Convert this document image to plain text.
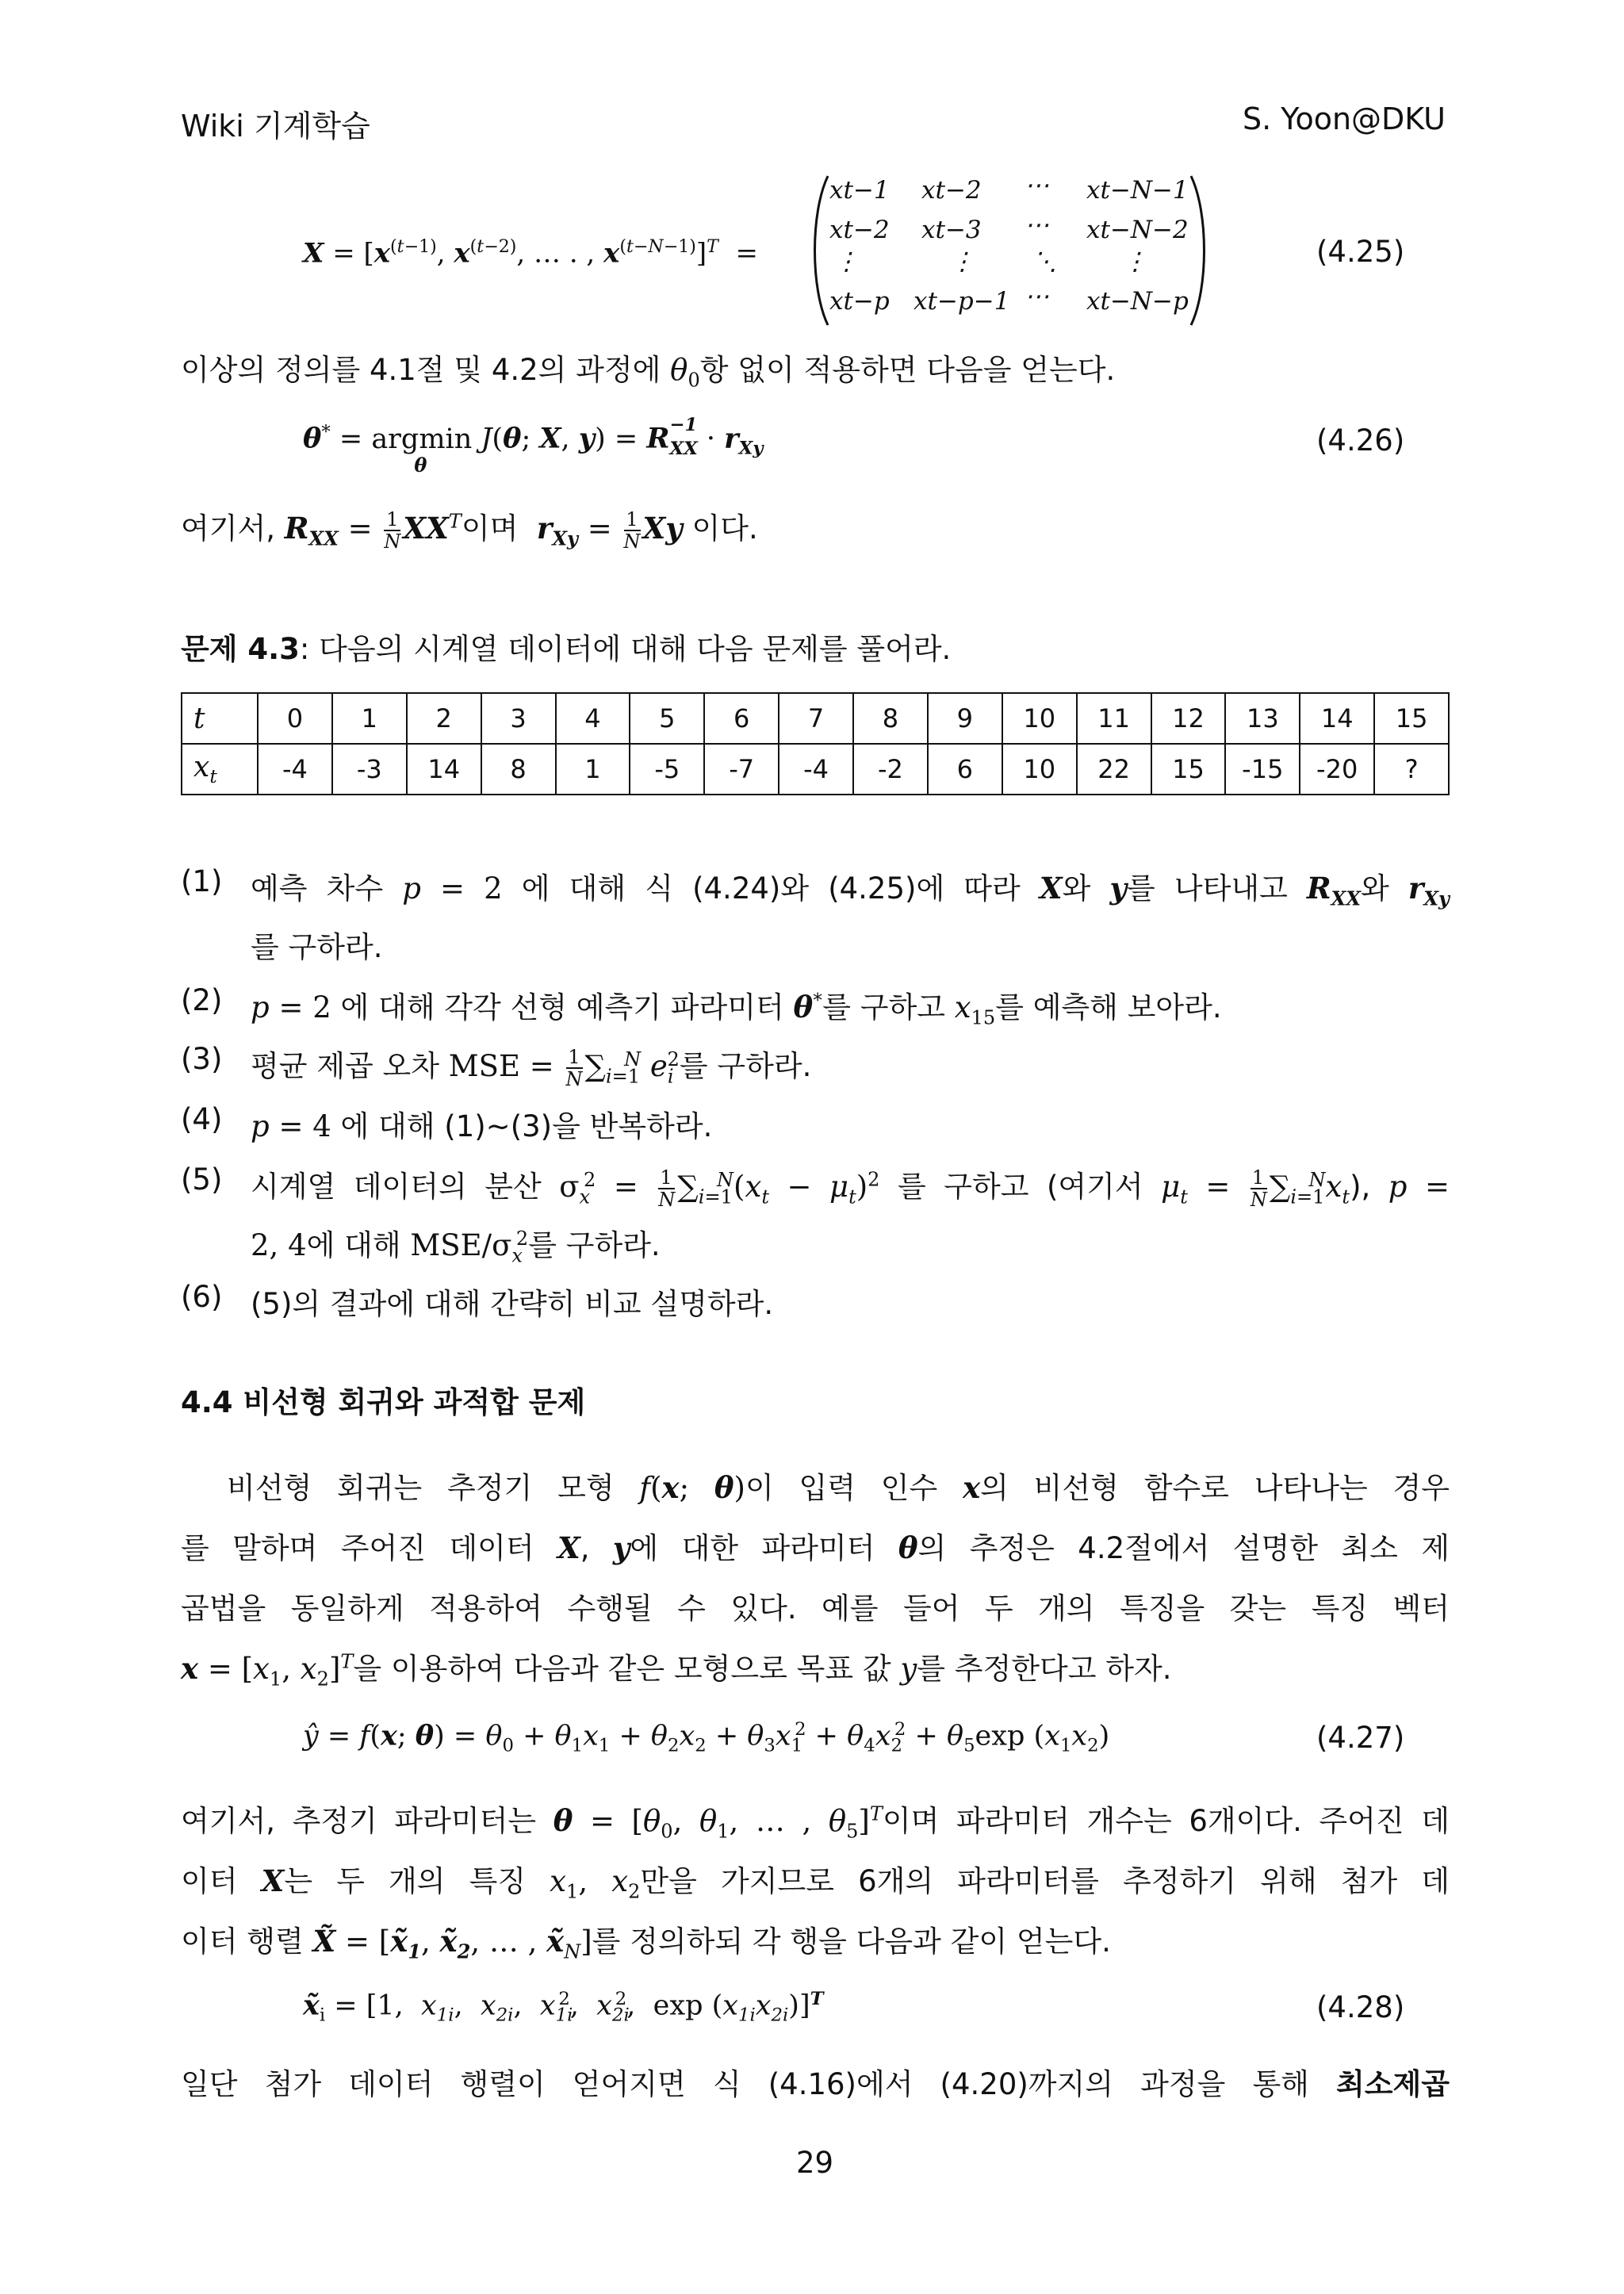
Wiki 기계학습	S. Yoon@DKU
$X = [x^{(t-1)}$, $x^{(t-2)}$, … . , $x^{(t-N-1)}]^T$  =
xt−1 xt−2 ⋯ xt−N−1
xt−2 xt−3 ⋯ xt−N−2
⋮	⋮ ⋱	⋮
xt−p xt−p−1 ⋯ xt−N−p
(4.25)
이상의 정의를 4.1절 및 4.2의 과정에 $\theta_0$항 없이 적용하면 다음을 얻는다.
θ* = argmin
θ
J(θ; X, y) = R $_{-1 XX} \cdot r_{Xy}$	(4.26)
여기서, $R_{XX} = \frac{1}{N} XX^T$이며  $r_{Xy} = \frac{1}{N}$ Xy 이다.
문제 4.3: 다음의 시계열 데이터에 대해 다음 문제를 풀어라.
t	0	1	2	3	4	5	6	7	8	9	10	11	12	13	14	15
$x_t$	-4	-3	14	8	1	-5	-7	-4	-2	6	10	22	15	-15	-20	?
(1) 예측 차수 p = 2 에 대해 식 (4.24)와 (4.25)에 따라 X와 y를 나타내고 $R_{XX}$와 $r_{Xy}$
를 구하라.
(2) p = 2 에 대해 각각 선형 예측기 파라미터 θ*를 구하고 $x_{15}$를 예측해 보아라.
(3) 평균 제곱 오차 MSE = $\frac{1}{N} \sum_{i=1}^N$ $e_i^2$를 구하라.
(4) p = 4 에 대해 (1)~(3)을 반복하라.
(5) 시계열 데이터의 분산 $\sigma_x^2 = \frac{1}{N} \sum_{i=1}^N(x_t - \mu_t)^2$ 를 구하고 (여기서 $\mu_t = \frac{1}{N} \sum_{i=1}^Nx_t$), p =
2, 4에 대해 MSE/$\sigma_x^2$를 구하라.
(6) (5)의 결과에 대해 간략히 비교 설명하라.
4.4 비선형 회귀와 과적합 문제
비선형 회귀는 추정기 모형 f(x; θ)이 입력 인수 x의 비선형 함수로 나타나는 경우
를 말하며 주어진 데이터 X, y에 대한 파라미터 θ의 추정은 4.2절에서 설명한 최소 제
곱법을 동일하게 적용하여 수행될 수 있다. 예를 들어 두 개의 특징을 갖는 특징 벡터
$x = [x_1$, $x_2]^T$을 이용하여 다음과 같은 모형으로 목표 값 y를 추정한다고 하자.
ŷ = f(x; $\theta) = \theta_0 + \theta_1x_1 + \theta_2x_2 + \theta_3x_1^2 + \theta_4x_2^2 + \theta_5\exp$ $(x_1x_2)$	(4.27)
여기서, 추정기 파라미터는 $\theta = [\theta_0$, $\theta_1$, … , $\theta_5]^T$이며 파라미터 개수는 6개이다. 주어진 데
이터 X는 두 개의 특징 $x_1$, $x_2$만을 가지므로 6개의 파라미터를 추정하기 위해 첨가 데
이터 행렬 X̃ = [$x̃_1$, $x̃_2$, … , $x̃_N$]를 정의하되 각 행을 다음과 같이 얻는다.
$x̃_i = [1$,  $x_{1i}$,  $x_{2i}$,  $x_{1i}^2$,  $x_{2i}^2$,  $\exp (x_{1i}x_{2i})]^T$	(4.28)
일단 첨가 데이터 행렬이 얻어지면 식 (4.16)에서 (4.20)까지의 과정을 통해 최소제곱
29
